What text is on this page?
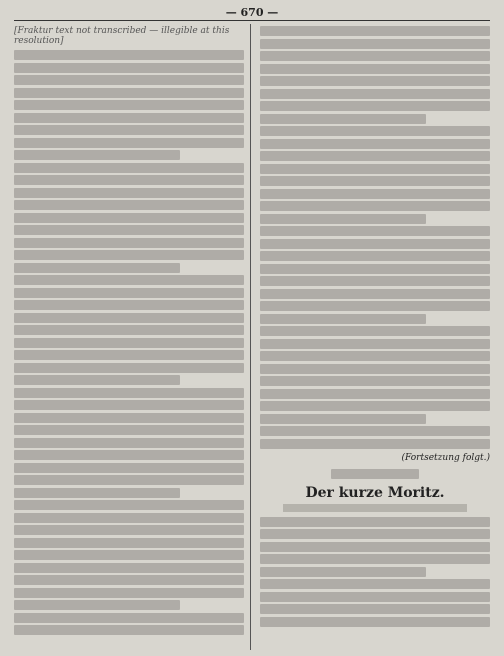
— 670 —

[Fraktur text not transcribed — illegible at this resolution]

(Fortsetzung folgt.)
Der kurze Moritz.
